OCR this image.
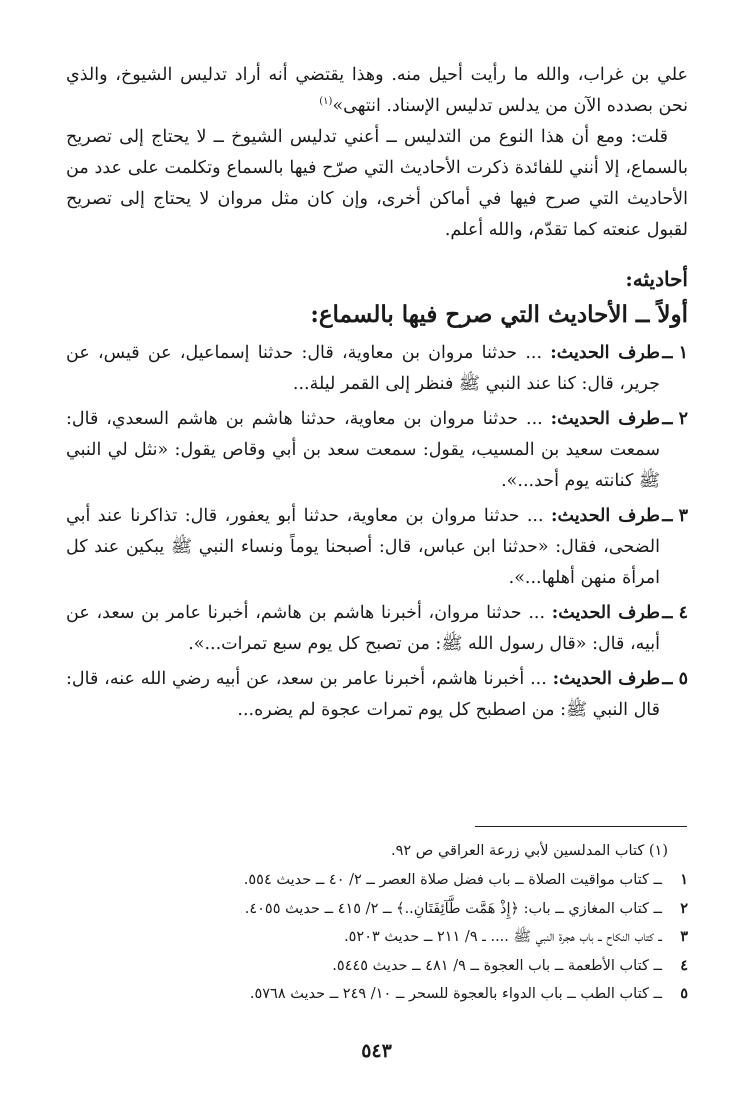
علي بن غراب، والله ما رأيت أحيل منه. وهذا يقتضي أنه أراد تدليس الشيوخ، والذي نحن بصدده الآن من يدلس تدليس الإسناد. انتهى»$^{(١)}$

قلت: ومع أن هذا النوع من التدليس ــ أعني تدليس الشيوخ ــ لا يحتاج إلى تصريح بالسماع، إلا أنني للفائدة ذكرت الأحاديث التي صرّح فيها بالسماع وتكلمت على عدد من الأحاديث التي صرح فيها في أماكن أخرى، وإن كان مثل مروان لا يحتاج إلى تصريح لقبول عنعته كما تقدّم، والله أعلم.

أحاديثه:
أولاً ــ الأحاديث التي صرح فيها بالسماع:
١ ــ
طرف الحديث: ... حدثنا مروان بن معاوية، قال: حدثنا إسماعيل، عن قيس، عن جرير، قال: كنا عند النبي ﷺ فنظر إلى القمر ليلة...
٢ ــ
طرف الحديث: ... حدثنا مروان بن معاوية، حدثنا هاشم بن هاشم السعدي، قال: سمعت سعيد بن المسيب، يقول: سمعت سعد بن أبي وقاص يقول: «نثل لي النبي ﷺ كنانته يوم أحد...».
٣ ــ
طرف الحديث: ... حدثنا مروان بن معاوية، حدثنا أبو يعفور، قال: تذاكرنا عند أبي الضحى، فقال: «حدثنا ابن عباس، قال: أصبحنا يوماً ونساء النبي ﷺ يبكين عند كل امرأة منهن أهلها...».
٤ ــ
طرف الحديث: ... حدثنا مروان، أخبرنا هاشم بن هاشم، أخبرنا عامر بن سعد، عن أبيه، قال: «قال رسول الله ﷺ: من تصبح كل يوم سبع تمرات...».
٥ ــ
طرف الحديث: ... أخبرنا هاشم، أخبرنا عامر بن سعد، عن أبيه رضي الله عنه، قال: قال النبي ﷺ: من اصطبح كل يوم تمرات عجوة لم يضره...
(١) كتاب المدلسين لأبي زرعة العراقي ص ٩٢.
١
ــ كتاب مواقيت الصلاة ــ باب فضل صلاة العصر ــ ٢/ ٤٠ ــ حديث ٥٥٤.
٢
ــ كتاب المغازي ــ باب: ﴿إِذْ هَمَّت طَّآئِفَتَانِ..﴾ ــ ٢/ ٤١٥ ــ حديث ٤٠٥٥.
٣
ــ كتاب النكاح ــ باب هجرة النبي ﷺ .... ــ ٩/ ٢١١ ــ حديث ٥٢٠٣.
٤
ــ كتاب الأطعمة ــ باب العجوة ــ ٩/ ٤٨١ ــ حديث ٥٤٤٥.
٥
ــ كتاب الطب ــ باب الدواء بالعجوة للسحر ــ ١٠/ ٢٤٩ ــ حديث ٥٧٦٨.
٥٤٣
